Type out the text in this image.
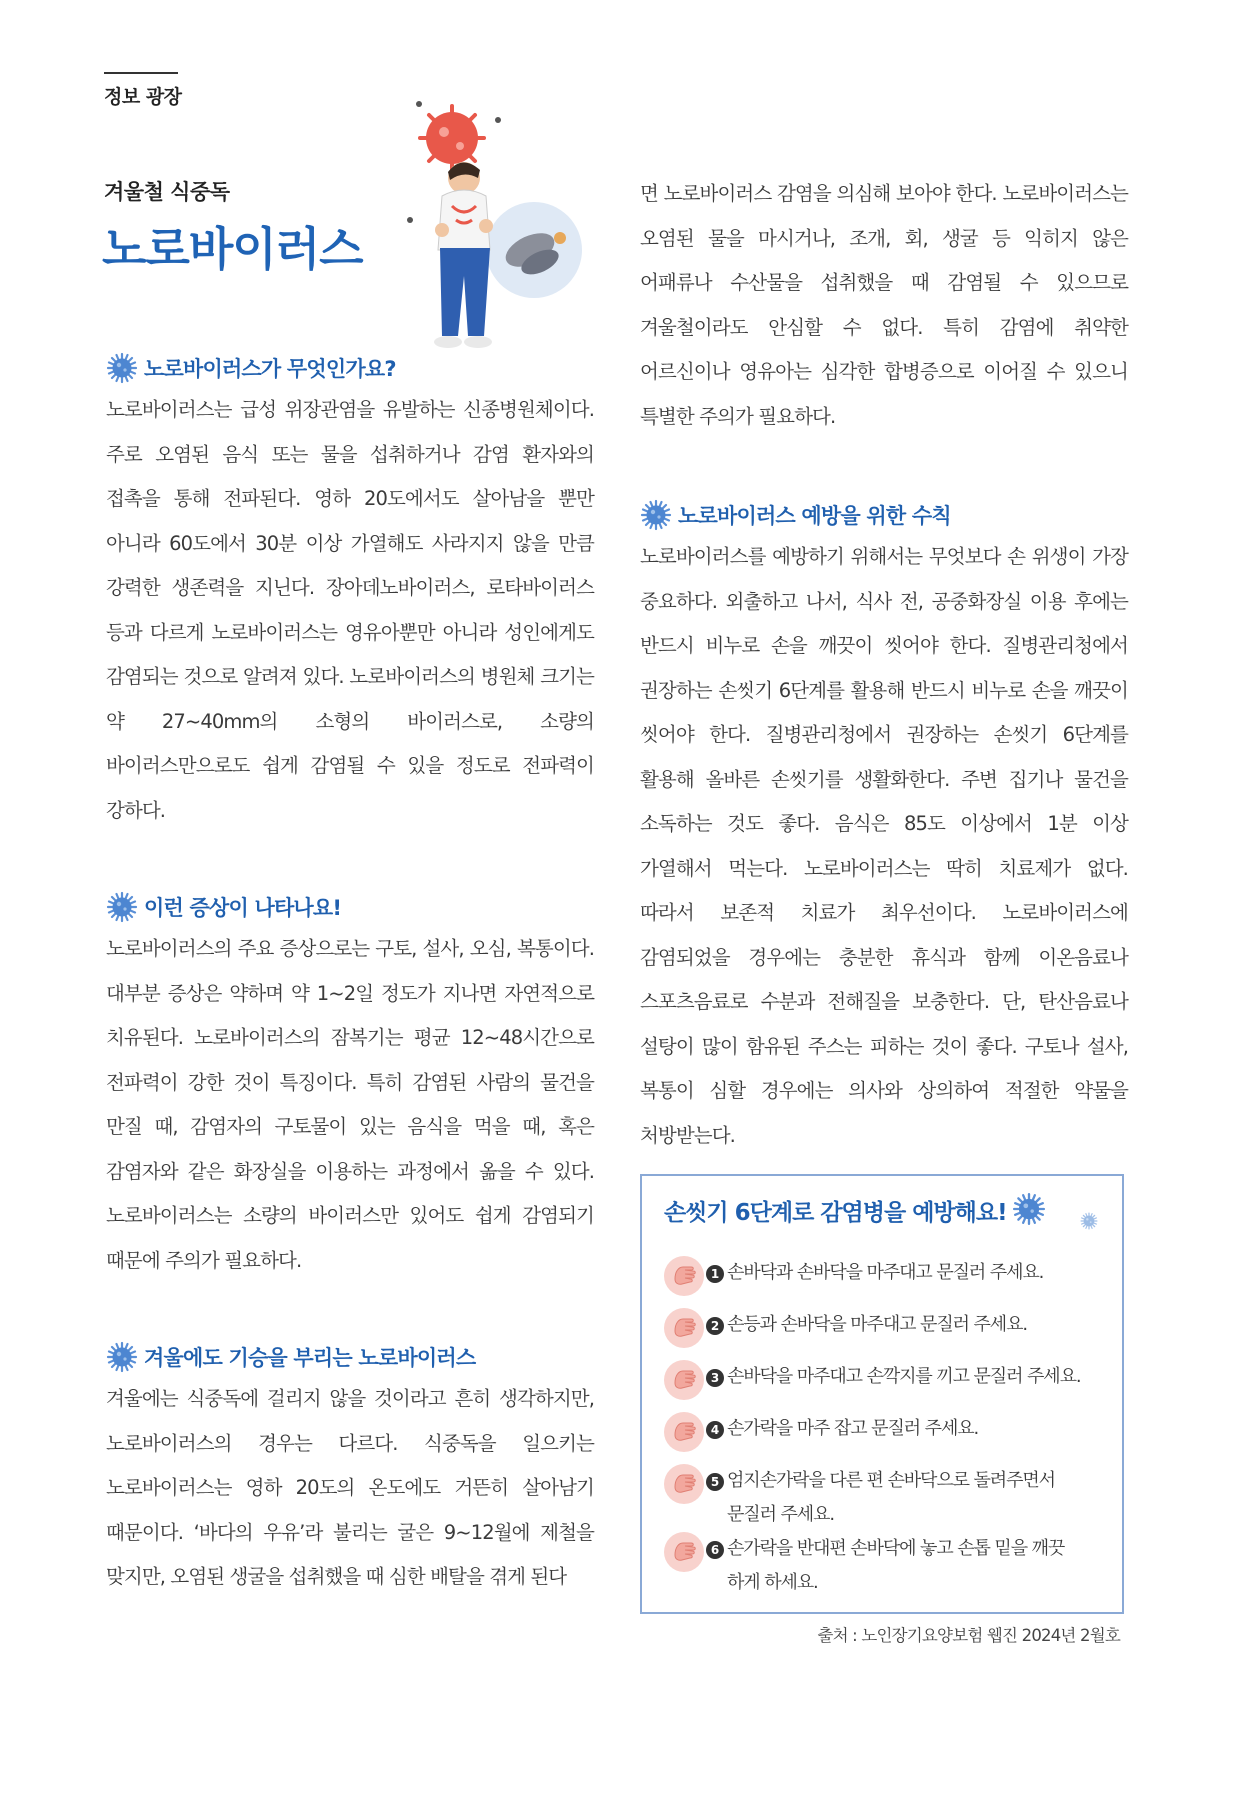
정보 광장
겨울철 식중독
노로바이러스
노로바이러스가 무엇인가요?

노로바이러스는 급성 위장관염을 유발하는 신종병원체이다. 주로 오염된 음식 또는 물을 섭취하거나 감염 환자와의 접촉을 통해 전파된다. 영하 20도에서도 살아남을 뿐만 아니라 60도에서 30분 이상 가열해도 사라지지 않을 만큼 강력한 생존력을 지닌다. 장아데노바이러스, 로타바이러스 등과 다르게 노로바이러스는 영유아뿐만 아니라 성인에게도 감염되는 것으로 알려져 있다. 노로바이러스의 병원체 크기는 약 27~40mm의 소형의 바이러스로, 소량의 바이러스만으로도 쉽게 감염될 수 있을 정도로 전파력이 강하다.

이런 증상이 나타나요!

노로바이러스의 주요 증상으로는 구토, 설사, 오심, 복통이다. 대부분 증상은 약하며 약 1~2일 정도가 지나면 자연적으로 치유된다. 노로바이러스의 잠복기는 평균 12~48시간으로 전파력이 강한 것이 특징이다. 특히 감염된 사람의 물건을 만질 때, 감염자의 구토물이 있는 음식을 먹을 때, 혹은 감염자와 같은 화장실을 이용하는 과정에서 옮을 수 있다. 노로바이러스는 소량의 바이러스만 있어도 쉽게 감염되기 때문에 주의가 필요하다.

겨울에도 기승을 부리는 노로바이러스

겨울에는 식중독에 걸리지 않을 것이라고 흔히 생각하지만, 노로바이러스의 경우는 다르다. 식중독을 일으키는 노로바이러스는 영하 20도의 온도에도 거뜬히 살아남기 때문이다. ‘바다의 우유’라 불리는 굴은 9~12월에 제철을 맞지만, 오염된 생굴을 섭취했을 때 심한 배탈을 겪게 된다

면 노로바이러스 감염을 의심해 보아야 한다. 노로바이러스는 오염된 물을 마시거나, 조개, 회, 생굴 등 익히지 않은 어패류나 수산물을 섭취했을 때 감염될 수 있으므로 겨울철이라도 안심할 수 없다. 특히 감염에 취약한 어르신이나 영유아는 심각한 합병증으로 이어질 수 있으니 특별한 주의가 필요하다.

노로바이러스 예방을 위한 수칙

노로바이러스를 예방하기 위해서는 무엇보다 손 위생이 가장 중요하다. 외출하고 나서, 식사 전, 공중화장실 이용 후에는 반드시 비누로 손을 깨끗이 씻어야 한다. 질병관리청에서 권장하는 손씻기 6단계를 활용해 반드시 비누로 손을 깨끗이 씻어야 한다. 질병관리청에서 권장하는 손씻기 6단계를 활용해 올바른 손씻기를 생활화한다. 주변 집기나 물건을 소독하는 것도 좋다. 음식은 85도 이상에서 1분 이상 가열해서 먹는다. 노로바이러스는 딱히 치료제가 없다. 따라서 보존적 치료가 최우선이다. 노로바이러스에 감염되었을 경우에는 충분한 휴식과 함께 이온음료나 스포츠음료로 수분과 전해질을 보충한다. 단, 탄산음료나 설탕이 많이 함유된 주스는 피하는 것이 좋다. 구토나 설사, 복통이 심할 경우에는 의사와 상의하여 적절한 약물을 처방받는다.

손씻기 6단계로 감염병을 예방해요!
1 손바닥과 손바닥을 마주대고 문질러 주세요.
2 손등과 손바닥을 마주대고 문질러 주세요.
3 손바닥을 마주대고 손깍지를 끼고 문질러 주세요.
4 손가락을 마주 잡고 문질러 주세요.
5 엄지손가락을 다른 편 손바닥으로 돌려주면서 문질러 주세요.
6 손가락을 반대편 손바닥에 놓고 손톱 밑을 깨끗하게 하세요.
출처 : 노인장기요양보험 웹진 2024년 2월호
